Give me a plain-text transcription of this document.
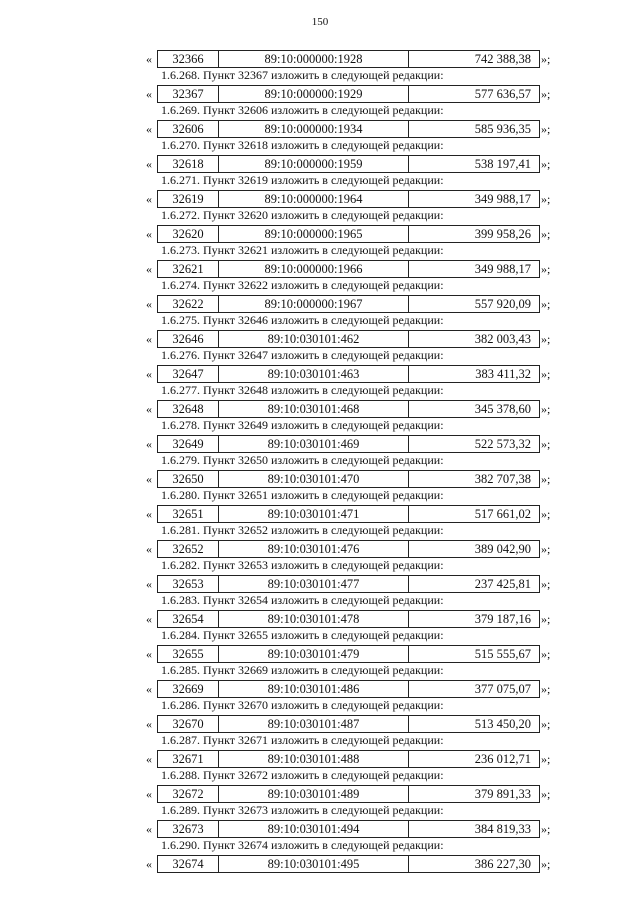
150
«	32366	89:10:000000:1928	742 388,38 »;
1.6.268. Пункт 32367 изложить в следующей редакции:
«	32367	89:10:000000:1929	577 636,57 »;
1.6.269. Пункт 32606 изложить в следующей редакции:
«	32606	89:10:000000:1934	585 936,35 »;
1.6.270. Пункт 32618 изложить в следующей редакции:
«	32618	89:10:000000:1959	538 197,41 »;
1.6.271. Пункт 32619 изложить в следующей редакции:
«	32619	89:10:000000:1964	349 988,17 »;
1.6.272. Пункт 32620 изложить в следующей редакции:
«	32620	89:10:000000:1965	399 958,26 »;
1.6.273. Пункт 32621 изложить в следующей редакции:
«	32621	89:10:000000:1966	349 988,17 »;
1.6.274. Пункт 32622 изложить в следующей редакции:
«	32622	89:10:000000:1967	557 920,09 »;
1.6.275. Пункт 32646 изложить в следующей редакции:
«	32646	89:10:030101:462	382 003,43 »;
1.6.276. Пункт 32647 изложить в следующей редакции:
«	32647	89:10:030101:463	383 411,32 »;
1.6.277. Пункт 32648 изложить в следующей редакции:
«	32648	89:10:030101:468	345 378,60 »;
1.6.278. Пункт 32649 изложить в следующей редакции:
«	32649	89:10:030101:469	522 573,32 »;
1.6.279. Пункт 32650 изложить в следующей редакции:
«	32650	89:10:030101:470	382 707,38 »;
1.6.280. Пункт 32651 изложить в следующей редакции:
«	32651	89:10:030101:471	517 661,02 »;
1.6.281. Пункт 32652 изложить в следующей редакции:
«	32652	89:10:030101:476	389 042,90 »;
1.6.282. Пункт 32653 изложить в следующей редакции:
«	32653	89:10:030101:477	237 425,81 »;
1.6.283. Пункт 32654 изложить в следующей редакции:
«	32654	89:10:030101:478	379 187,16 »;
1.6.284. Пункт 32655 изложить в следующей редакции:
«	32655	89:10:030101:479	515 555,67 »;
1.6.285. Пункт 32669 изложить в следующей редакции:
«	32669	89:10:030101:486	377 075,07 »;
1.6.286. Пункт 32670 изложить в следующей редакции:
«	32670	89:10:030101:487	513 450,20 »;
1.6.287. Пункт 32671 изложить в следующей редакции:
«	32671	89:10:030101:488	236 012,71 »;
1.6.288. Пункт 32672 изложить в следующей редакции:
«	32672	89:10:030101:489	379 891,33 »;
1.6.289. Пункт 32673 изложить в следующей редакции:
«	32673	89:10:030101:494	384 819,33 »;
1.6.290. Пункт 32674 изложить в следующей редакции:
«	32674	89:10:030101:495	386 227,30 »;
